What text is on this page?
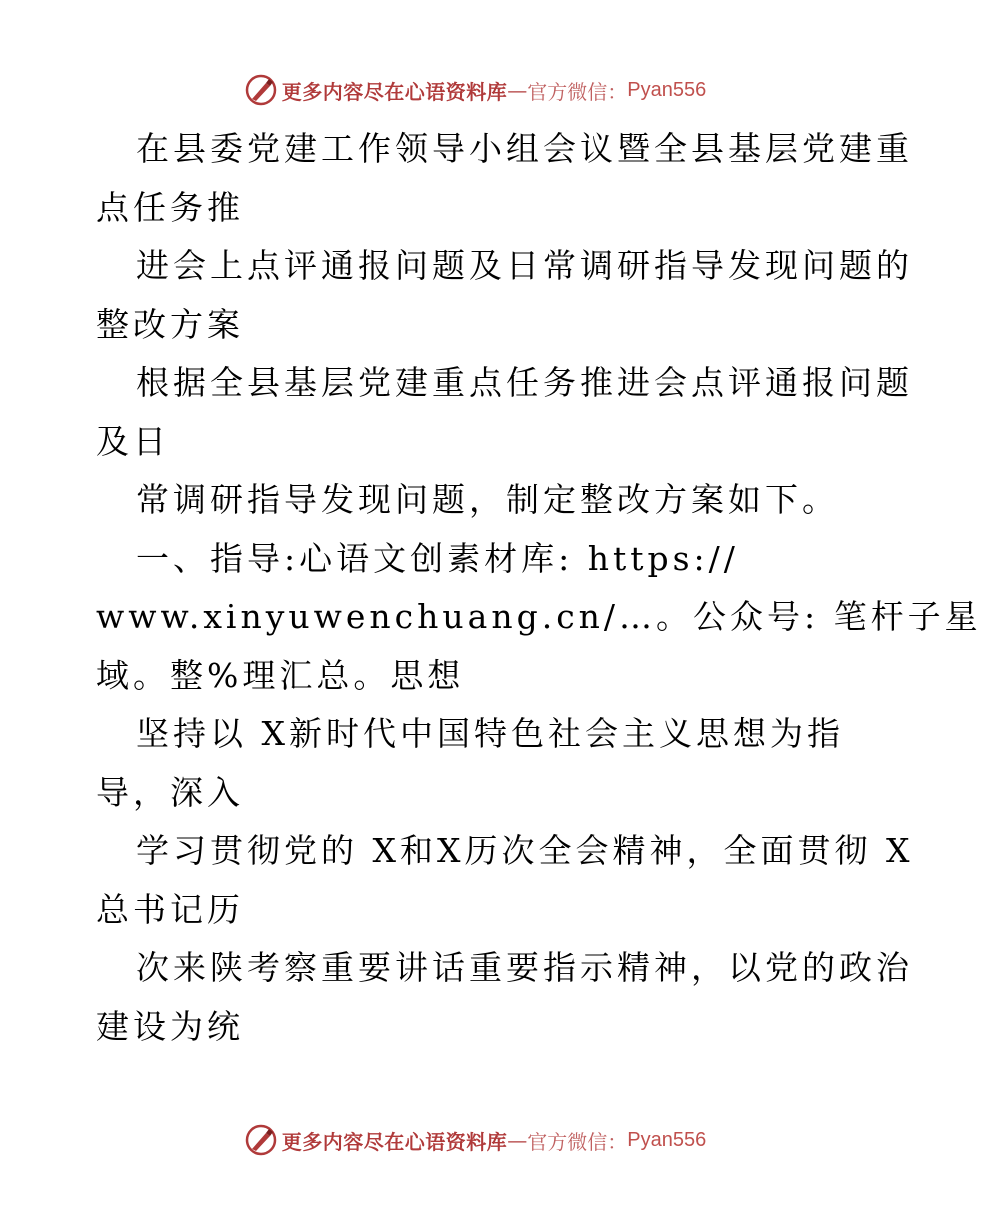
更多内容尽在心语资料库 — 官方微信： Pyan556
在县委党建工作领导小组会议暨全县基层党建重
点任务推
进会上点评通报问题及日常调研指导发现问题的
整改方案
根据全县基层党建重点任务推进会点评通报问题
及日
常调研指导发现问题，制定整改方案如下。
一、指导:心语文创素材库: https://
www.xinyuwenchuang.cn/…。公众号: 笔杆子星
域。整%理汇总。思想
坚持以 X新时代中国特色社会主义思想为指
导，深入
学习贯彻党的 X和X历次全会精神，全面贯彻 X
总书记历
次来陕考察重要讲话重要指示精神，以党的政治
建设为统
更多内容尽在心语资料库 — 官方微信： Pyan556
